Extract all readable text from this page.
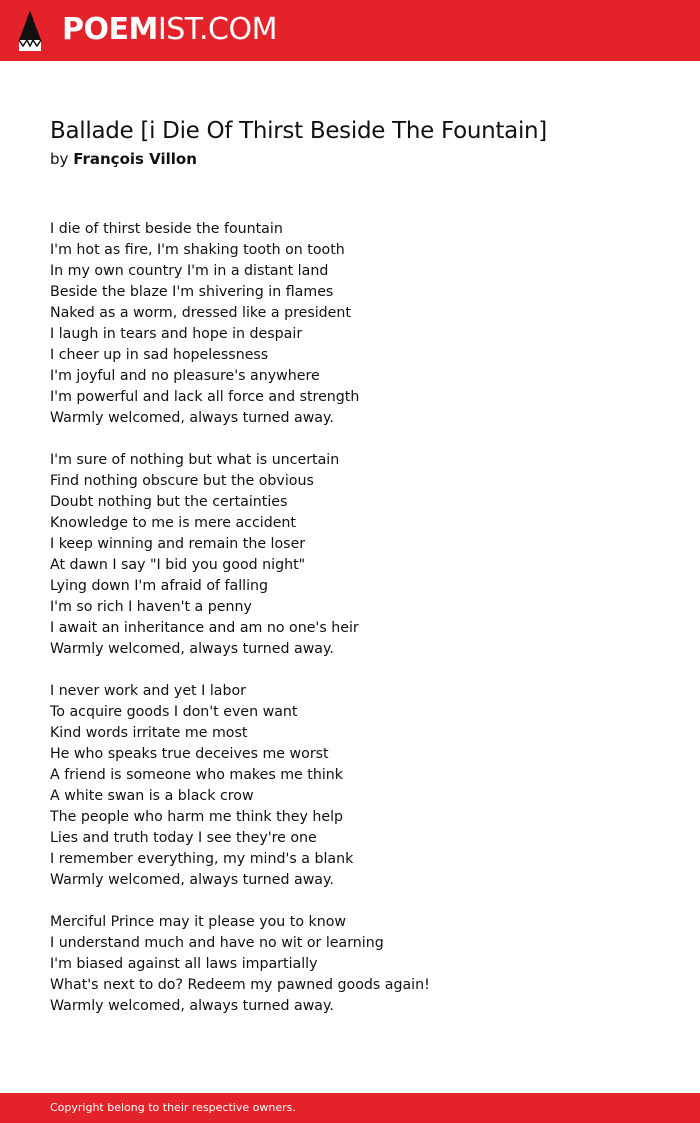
POEMIST.COM
Ballade [i Die Of Thirst Beside The Fountain]
by François Villon
I die of thirst beside the fountain
I'm hot as fire, I'm shaking tooth on tooth
In my own country I'm in a distant land
Beside the blaze I'm shivering in flames
Naked as a worm, dressed like a president
I laugh in tears and hope in despair
I cheer up in sad hopelessness
I'm joyful and no pleasure's anywhere
I'm powerful and lack all force and strength
Warmly welcomed, always turned away.
I'm sure of nothing but what is uncertain
Find nothing obscure but the obvious
Doubt nothing but the certainties
Knowledge to me is mere accident
I keep winning and remain the loser
At dawn I say "I bid you good night"
Lying down I'm afraid of falling
I'm so rich I haven't a penny
I await an inheritance and am no one's heir
Warmly welcomed, always turned away.
I never work and yet I labor
To acquire goods I don't even want
Kind words irritate me most
He who speaks true deceives me worst
A friend is someone who makes me think
A white swan is a black crow
The people who harm me think they help
Lies and truth today I see they're one
I remember everything, my mind's a blank
Warmly welcomed, always turned away.
Merciful Prince may it please you to know
I understand much and have no wit or learning
I'm biased against all laws impartially
What's next to do? Redeem my pawned goods again!
Warmly welcomed, always turned away.
Copyright belong to their respective owners.
